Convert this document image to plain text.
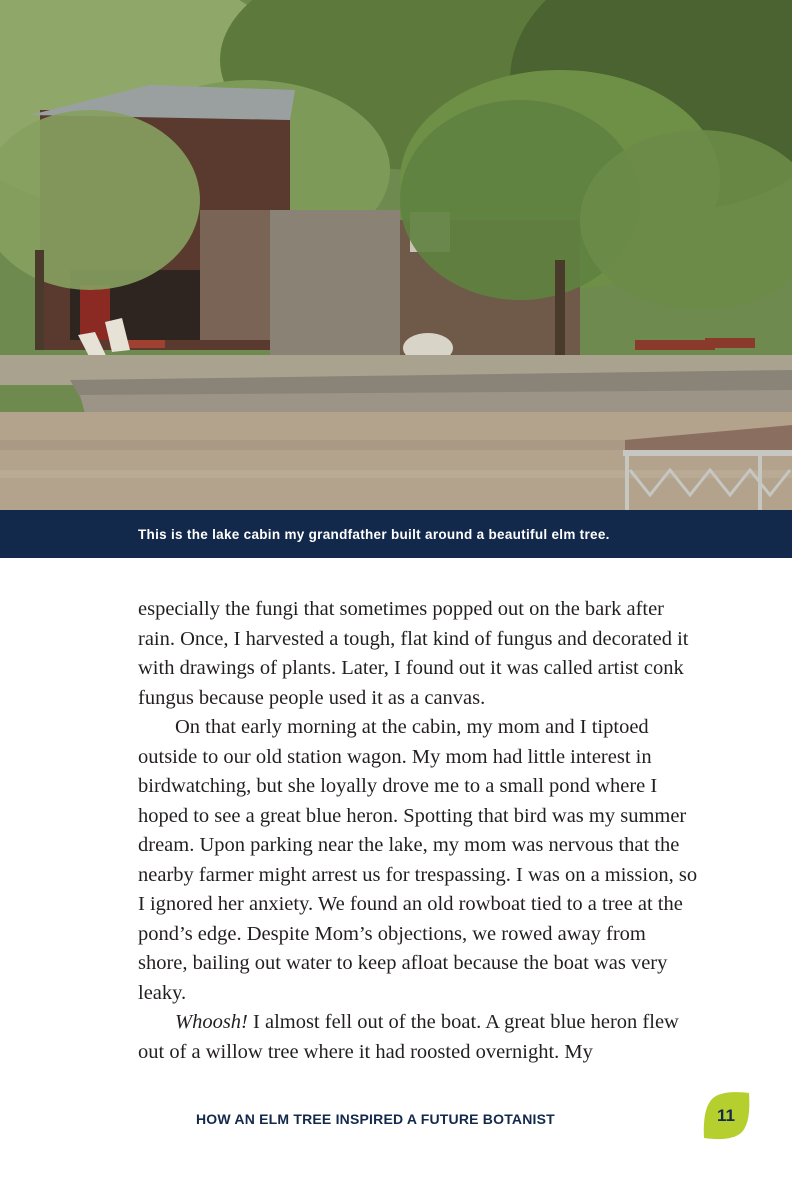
This is the lake cabin my grandfather built around a beautiful elm tree.

especially the fungi that sometimes popped out on the bark after rain. Once, I harvested a tough, flat kind of fungus and decorated it with drawings of plants. Later, I found out it was called artist conk fungus because people used it as a canvas.

On that early morning at the cabin, my mom and I tiptoed outside to our old station wagon. My mom had little interest in birdwatching, but she loyally drove me to a small pond where I hoped to see a great blue heron. Spotting that bird was my summer dream. Upon parking near the lake, my mom was nervous that the nearby farmer might arrest us for trespassing. I was on a mission, so I ignored her anxiety. We found an old rowboat tied to a tree at the pond’s edge. Despite Mom’s objections, we rowed away from shore, bailing out water to keep afloat because the boat was very leaky.

Whoosh! I almost fell out of the boat. A great blue heron flew out of a willow tree where it had roosted overnight. My

HOW AN ELM TREE INSPIRED A FUTURE BOTANIST	11
